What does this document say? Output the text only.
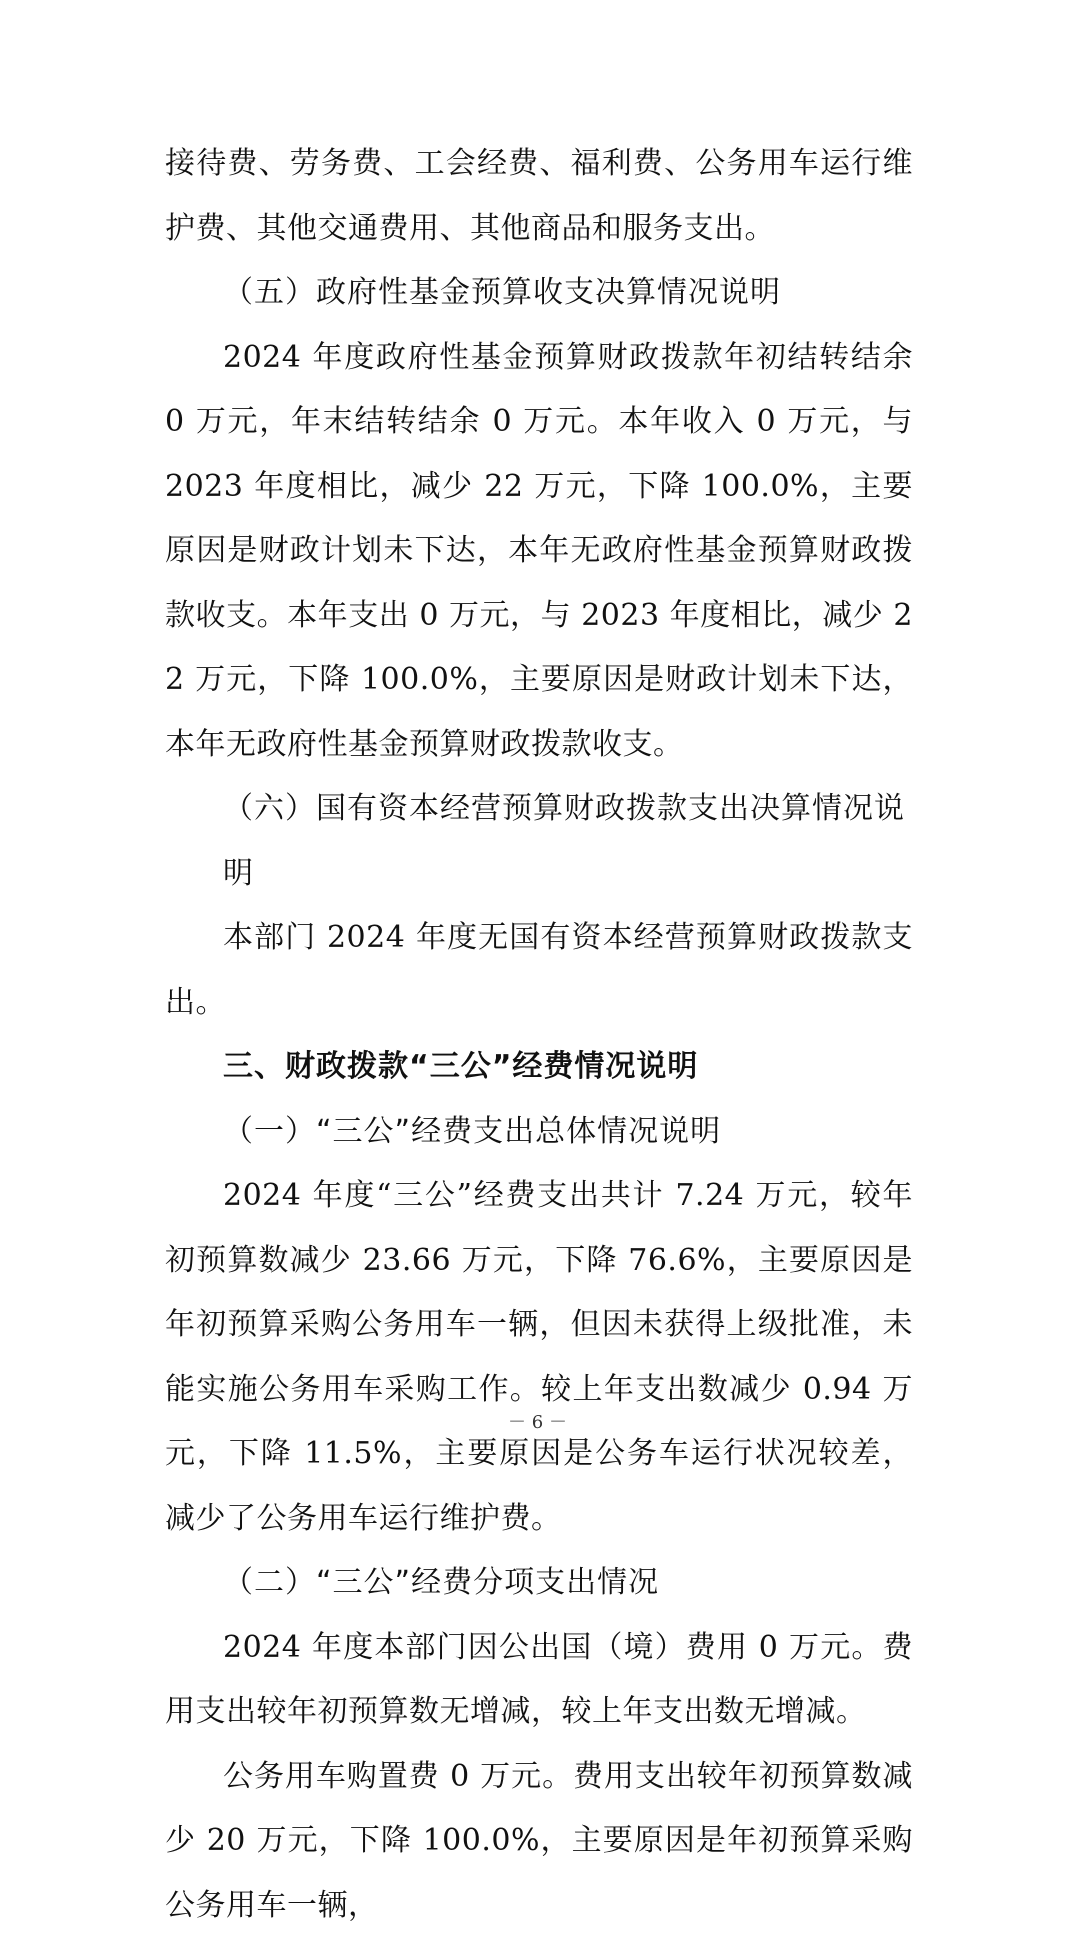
接待费、劳务费、工会经费、福利费、公务用车运行维护费、其他交通费用、其他商品和服务支出。

（五）政府性基金预算收支决算情况说明

2024 年度政府性基金预算财政拨款年初结转结余 0 万元，年末结转结余 0 万元。本年收入 0 万元，与 2023 年度相比，减少 22 万元，下降 100.0%，主要原因是财政计划未下达，本年无政府性基金预算财政拨款收支。本年支出 0 万元，与 2023 年度相比，减少 22 万元，下降 100.0%，主要原因是财政计划未下达，本年无政府性基金预算财政拨款收支。

（六）国有资本经营预算财政拨款支出决算情况说明

本部门 2024 年度无国有资本经营预算财政拨款支出。

三、财政拨款“三公”经费情况说明
（一）“三公”经费支出总体情况说明

2024 年度“三公”经费支出共计 7.24 万元，较年初预算数减少 23.66 万元，下降 76.6%，主要原因是年初预算采购公务用车一辆，但因未获得上级批准，未能实施公务用车采购工作。较上年支出数减少 0.94 万元，下降 11.5%，主要原因是公务车运行状况较差，减少了公务用车运行维护费。

（二）“三公”经费分项支出情况

2024 年度本部门因公出国（境）费用 0 万元。费用支出较年初预算数无增减，较上年支出数无增减。

公务用车购置费 0 万元。费用支出较年初预算数减少 20 万元，下降 100.0%，主要原因是年初预算采购公务用车一辆，

－ 6 －
